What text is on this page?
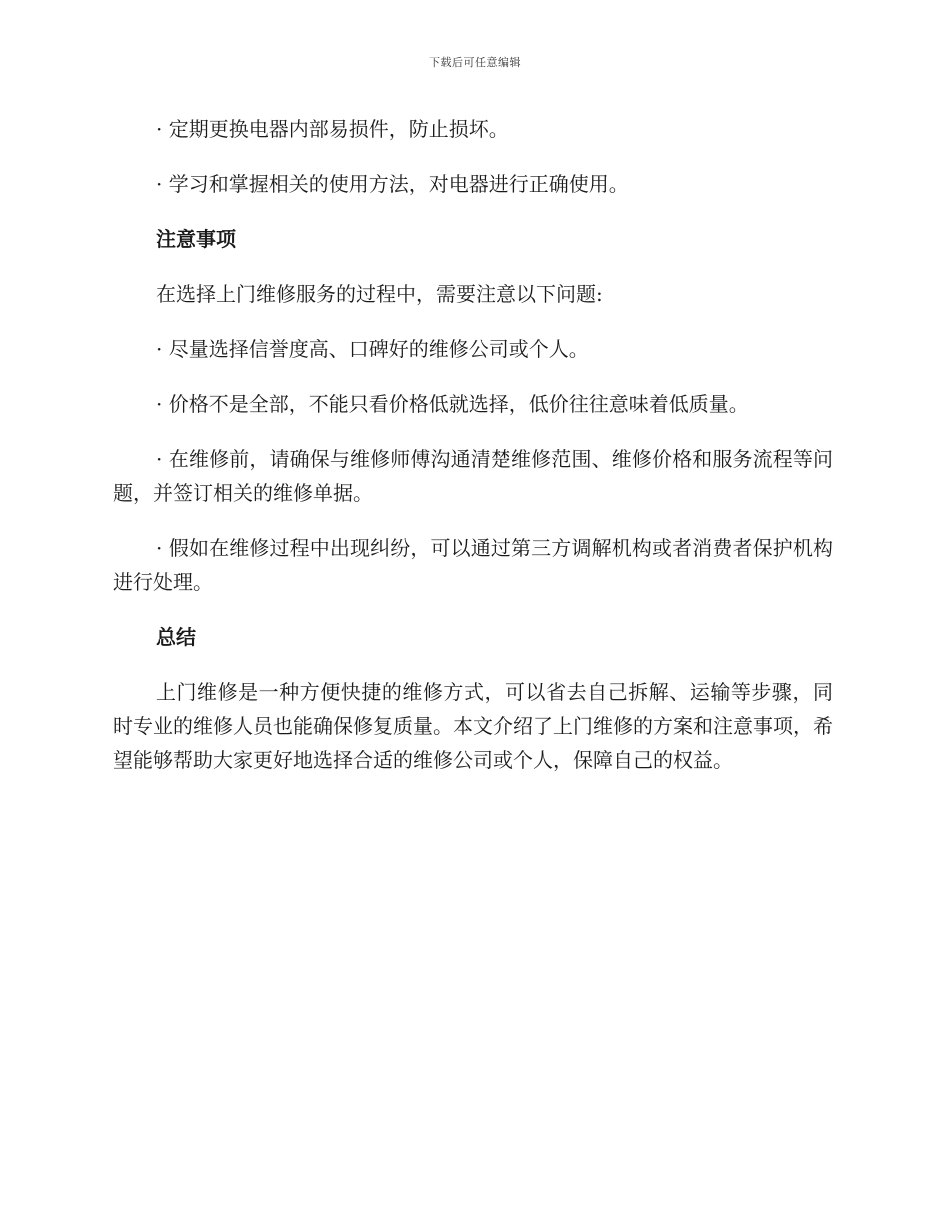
下载后可任意编辑

· 定期更换电器内部易损件，防止损坏。

· 学习和掌握相关的使用方法，对电器进行正确使用。

注意事项

在选择上门维修服务的过程中，需要注意以下问题:

· 尽量选择信誉度高、口碑好的维修公司或个人。

· 价格不是全部，不能只看价格低就选择，低价往往意味着低质量。

· 在维修前，请确保与维修师傅沟通清楚维修范围、维修价格和服务流程等问题，并签订相关的维修单据。

· 假如在维修过程中出现纠纷，可以通过第三方调解机构或者消费者保护机构进行处理。

总结

上门维修是一种方便快捷的维修方式，可以省去自己拆解、运输等步骤，同时专业的维修人员也能确保修复质量。本文介绍了上门维修的方案和注意事项，希望能够帮助大家更好地选择合适的维修公司或个人，保障自己的权益。
